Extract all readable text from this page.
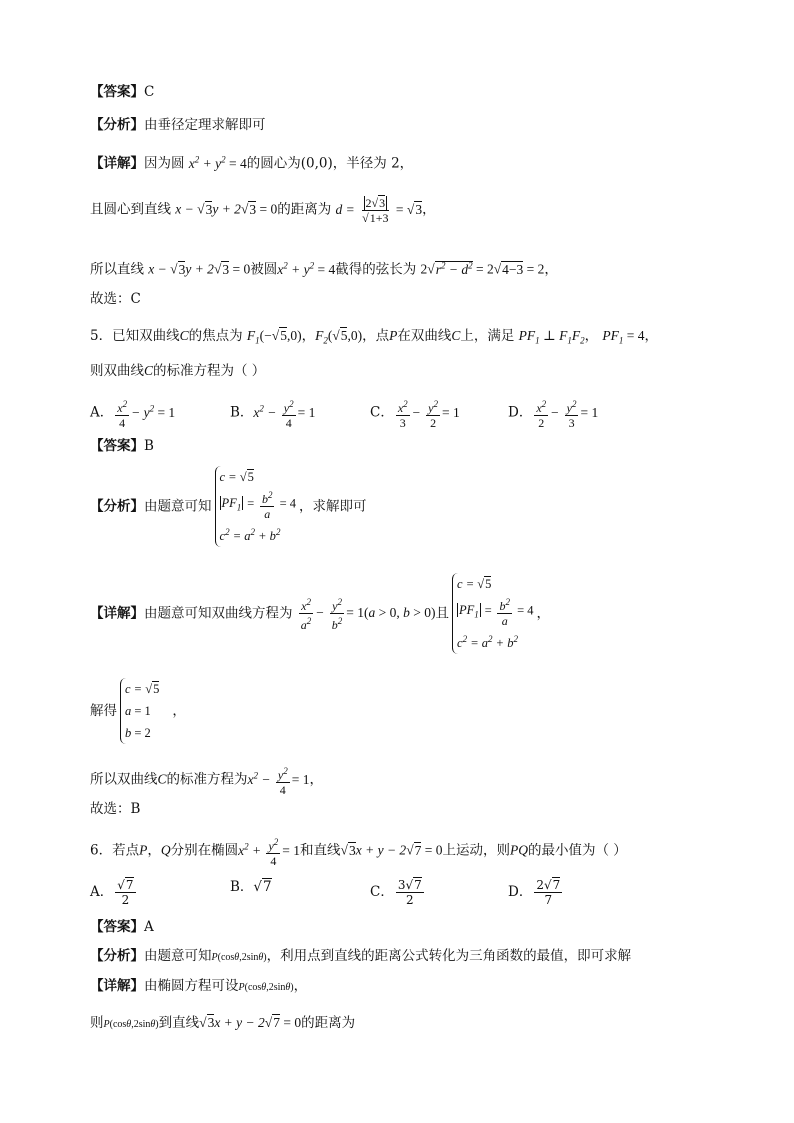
【答案】C
【分析】由垂径定理求解即可
【详解】因为圆 $x^2 + y^2 = 4$的圆心为(0,0)，半径为 2，
且圆心到直线 x − √3y + 2√3 = 0的距离为 $d = \frac{2√3}{√1+3} = √3$，
所以直线 x − √3y + 2√3 = 0被圆$x^2 + y^2 = 4$截得的弦长为 $2√r^2 - d^2 = 2√4-3 = 2$，
故选：C
5．已知双曲线C的焦点为 $F_1(-√5,0)$，$F_2(√5,0)$，点P在双曲线C上，满足 $PF_1$ ⊥ $F_1F_2$， $PF_1 = 4$，
则双曲线C的标准方程为（ ）
A． $\frac{x^2}{4} - y^2 = 1$	B．$x^2 - \frac{y^2}{4} = 1$	C． $\frac{x^2}{3} - \frac{y^2}{2} = 1$	D． $\frac{x^2}{2} - \frac{y^2}{3} = 1$
【答案】B
【分析】由题意可知
c = √5
$PF_1 = \frac{b^2}{a} = 4$
$c^2 = a^2 + b^2$
，求解即可
【详解】由题意可知双曲线方程为 $\frac{x^2}{a^2} - \frac{y^2}{b^2} = 1(a > 0$, b > 0)且
c = √5
$PF_1 = \frac{b^2}{a} = 4$
$c^2 = a^2 + b^2$
，
解得
c = √5
a = 1
b = 2
，
所以双曲线C的标准方程为$x^2 - \frac{y^2}{4} = 1$，
故选：B
6．若点P，Q分别在椭圆$x^2 + \frac{y^2}{4} = 1$和直线√3x + y − 2√7 = 0上运动，则PQ的最小值为（ ）
A． $\frac{√7}{2}$	B．√7	C． $\frac{3√7}{2}$	D． $\frac{2√7}{7}$
【答案】A
【分析】由题意可知P(cosθ,2sinθ)，利用点到直线的距离公式转化为三角函数的最值，即可求解
【详解】由椭圆方程可设P(cosθ,2sinθ)，
则P(cosθ,2sinθ)到直线√3x + y − 2√7 = 0的距离为
